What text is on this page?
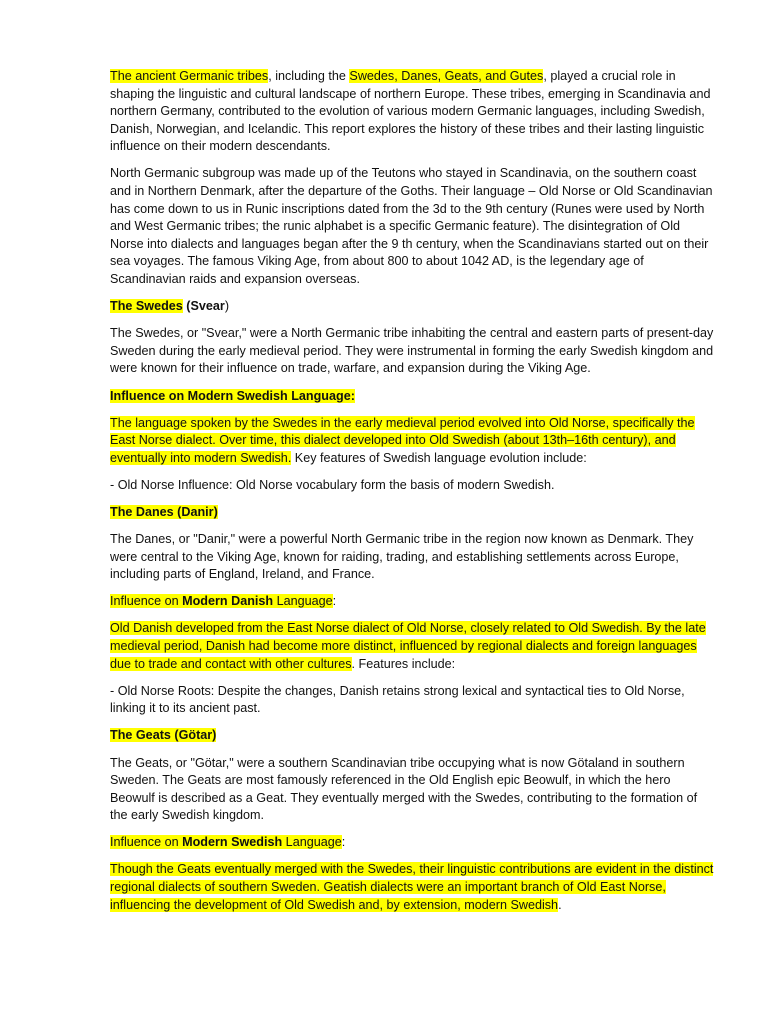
The ancient Germanic tribes, including the Swedes, Danes, Geats, and Gutes, played a crucial role in shaping the linguistic and cultural landscape of northern Europe. These tribes, emerging in Scandinavia and northern Germany, contributed to the evolution of various modern Germanic languages, including Swedish, Danish, Norwegian, and Icelandic. This report explores the history of these tribes and their lasting linguistic influence on their modern descendants.

North Germanic subgroup was made up of the Teutons who stayed in Scandinavia, on the southern coast and in Northern Denmark, after the departure of the Goths. Their language – Old Norse or Old Scandinavian has come down to us in Runic inscriptions dated from the 3d to the 9th century (Runes were used by North and West Germanic tribes; the runic alphabet is a specific Germanic feature). The disintegration of Old Norse into dialects and languages began after the 9 th century, when the Scandinavians started out on their sea voyages. The famous Viking Age, from about 800 to about 1042 AD, is the legendary age of Scandinavian raids and expansion overseas.

The Swedes (Svear)

The Swedes, or "Svear," were a North Germanic tribe inhabiting the central and eastern parts of present-day Sweden during the early medieval period. They were instrumental in forming the early Swedish kingdom and were known for their influence on trade, warfare, and expansion during the Viking Age.

Influence on Modern Swedish Language:

The language spoken by the Swedes in the early medieval period evolved into Old Norse, specifically the East Norse dialect. Over time, this dialect developed into Old Swedish (about 13th–16th century), and eventually into modern Swedish. Key features of Swedish language evolution include:

- Old Norse Influence: Old Norse vocabulary form the basis of modern Swedish.

The Danes (Danir)

The Danes, or "Danir," were a powerful North Germanic tribe in the region now known as Denmark. They were central to the Viking Age, known for raiding, trading, and establishing settlements across Europe, including parts of England, Ireland, and France.

Influence on Modern Danish Language:

Old Danish developed from the East Norse dialect of Old Norse, closely related to Old Swedish. By the late medieval period, Danish had become more distinct, influenced by regional dialects and foreign languages due to trade and contact with other cultures. Features include:

- Old Norse Roots: Despite the changes, Danish retains strong lexical and syntactical ties to Old Norse, linking it to its ancient past.

The Geats (Götar)

The Geats, or "Götar," were a southern Scandinavian tribe occupying what is now Götaland in southern Sweden. The Geats are most famously referenced in the Old English epic Beowulf, in which the hero Beowulf is described as a Geat. They eventually merged with the Swedes, contributing to the formation of the early Swedish kingdom.

Influence on Modern Swedish Language:

Though the Geats eventually merged with the Swedes, their linguistic contributions are evident in the distinct regional dialects of southern Sweden. Geatish dialects were an important branch of Old East Norse, influencing the development of Old Swedish and, by extension, modern Swedish.
